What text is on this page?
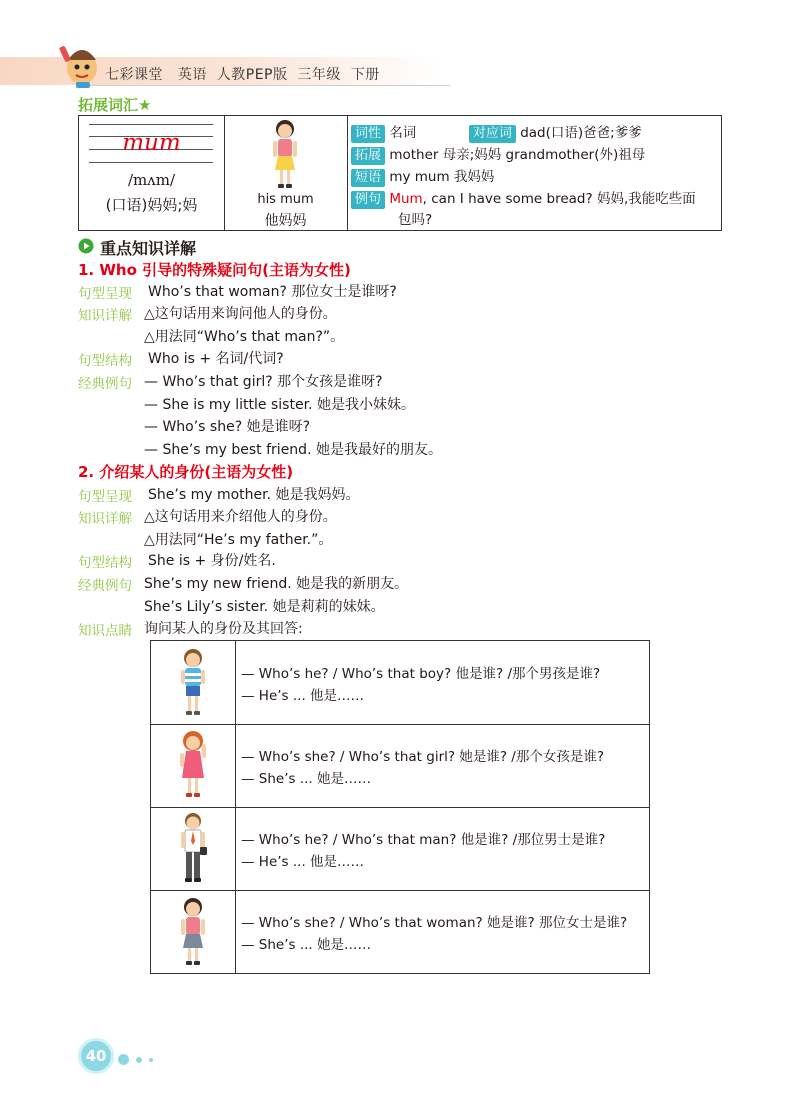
七彩课堂 英语 人教PEP版 三年级 下册
拓展词汇★
mum
/mʌm/
(口语)妈妈;妈	his mum
他妈妈
词性 名词	对应词 dad(口语)爸爸;爹爹
拓展 mother 母亲;妈妈 grandmother(外)祖母
短语 my mum 我妈妈
例句 Mum, can I have some bread? 妈妈,我能吃些面
包吗?
重点知识详解
1. Who 引导的特殊疑问句(主语为女性)
句型呈现 Who’s that woman? 那位女士是谁呀?
知识详解 △这句话用来询问他人的身份。
△用法同“Who’s that man?”。
句型结构 Who is + 名词/代词?
经典例句 — Who’s that girl? 那个女孩是谁呀?
— She is my little sister. 她是我小妹妹。
— Who’s she? 她是谁呀?
— She’s my best friend. 她是我最好的朋友。
2. 介绍某人的身份(主语为女性)
句型呈现 She’s my mother. 她是我妈妈。
知识详解 △这句话用来介绍他人的身份。
△用法同“He’s my father.”。
句型结构 She is + 身份/姓名.
经典例句 She’s my new friend. 她是我的新朋友。
She’s Lily’s sister. 她是莉莉的妹妹。
知识点睛 询问某人的身份及其回答:
— Who’s he? / Who’s that boy? 他是谁? /那个男孩是谁?
— He’s ... 他是……
— Who’s she? / Who’s that girl? 她是谁? /那个女孩是谁?
— She’s ... 她是……
— Who’s he? / Who’s that man? 他是谁? /那位男士是谁?
— He’s ... 他是……
— Who’s she? / Who’s that woman? 她是谁? 那位女士是谁?
— She’s ... 她是……
40
